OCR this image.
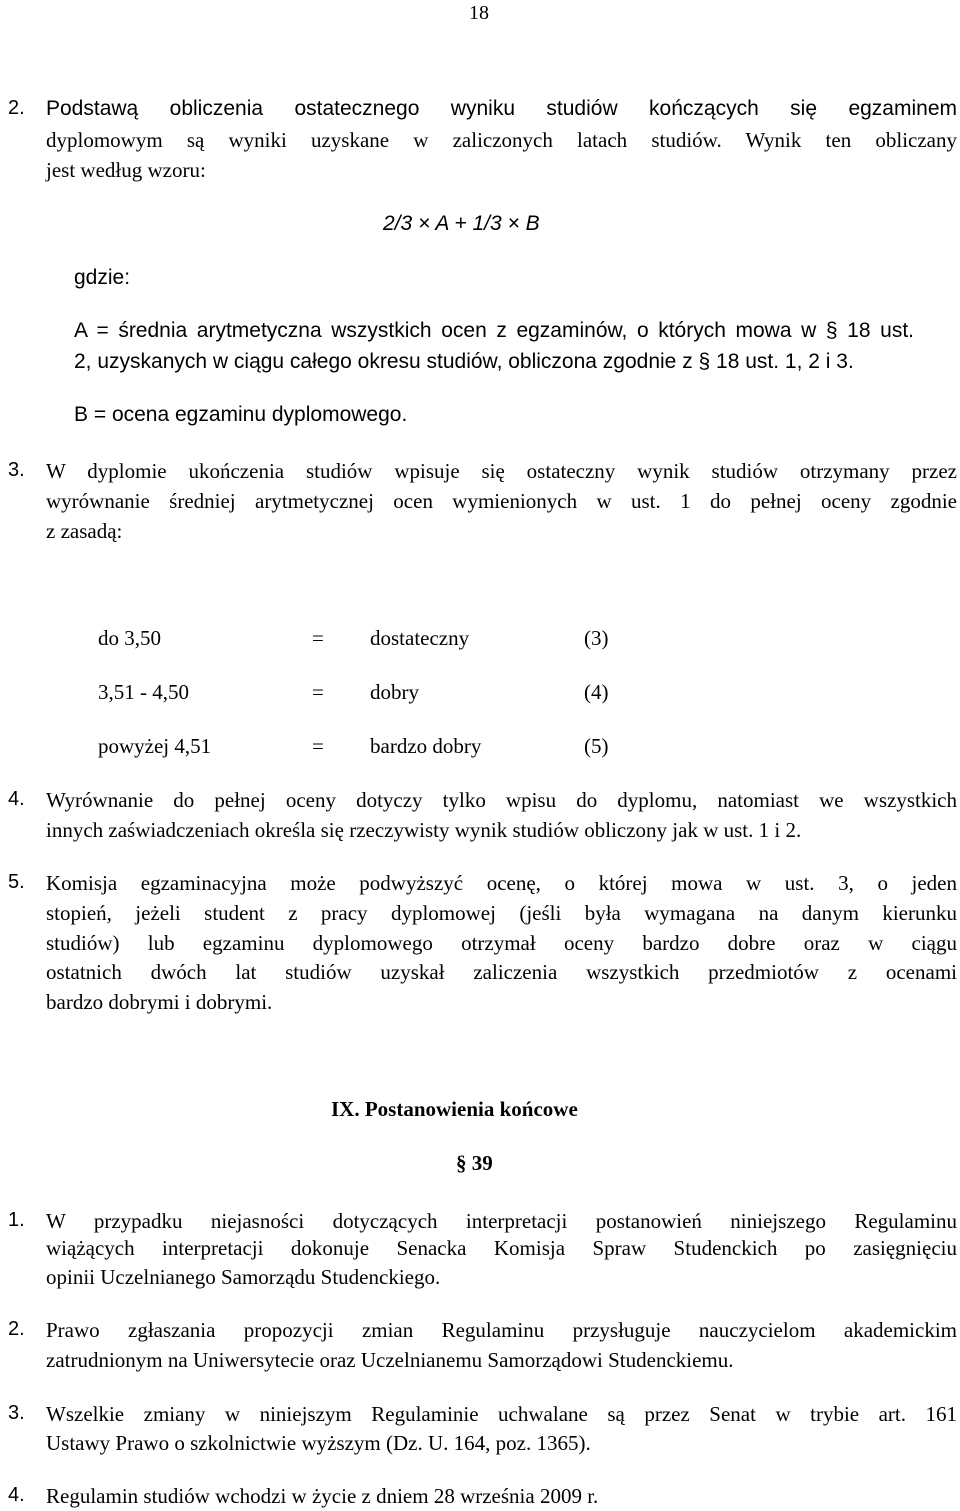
18
2. Podstawą obliczenia ostatecznego wyniku studiów kończących się egzaminem
dyplomowym są wyniki uzyskane w zaliczonych latach studiów. Wynik ten obliczany
jest według wzoru:
2/3 × A + 1/3 × B
gdzie:
A = średnia arytmetyczna wszystkich ocen z egzaminów, o których mowa w § 18 ust.
2, uzyskanych w ciągu całego okresu studiów, obliczona zgodnie z § 18 ust. 1, 2 i 3.
B = ocena egzaminu dyplomowego.
3. W dyplomie ukończenia studiów wpisuje się ostateczny wynik studiów otrzymany przez
wyrównanie średniej arytmetycznej ocen wymienionych w ust. 1 do pełnej oceny zgodnie
z zasadą:
do 3,50	= dostateczny	(3)
3,51 - 4,50	= dobry	(4)
powyżej 4,51	= bardzo dobry	(5)
4. Wyrównanie do pełnej oceny dotyczy tylko wpisu do dyplomu, natomiast we wszystkich
innych zaświadczeniach określa się rzeczywisty wynik studiów obliczony jak w ust. 1 i 2.
5. Komisja egzaminacyjna może podwyższyć ocenę, o której mowa w ust. 3, o jeden
stopień, jeżeli student z pracy dyplomowej (jeśli była wymagana na danym kierunku
studiów) lub egzaminu dyplomowego otrzymał oceny bardzo dobre oraz w ciągu
ostatnich dwóch lat studiów uzyskał zaliczenia wszystkich przedmiotów z ocenami
bardzo dobrymi i dobrymi.
IX. Postanowienia końcowe
§ 39
1. W przypadku niejasności dotyczących interpretacji postanowień niniejszego Regulaminu
wiążących interpretacji dokonuje Senacka Komisja Spraw Studenckich po zasięgnięciu
opinii Uczelnianego Samorządu Studenckiego.
2. Prawo zgłaszania propozycji zmian Regulaminu przysługuje nauczycielom akademickim
zatrudnionym na Uniwersytecie oraz Uczelnianemu Samorządowi Studenckiemu.
3. Wszelkie zmiany w niniejszym Regulaminie uchwalane są przez Senat w trybie art. 161
Ustawy Prawo o szkolnictwie wyższym (Dz. U. 164, poz. 1365).
4. Regulamin studiów wchodzi w życie z dniem 28 września 2009 r.
